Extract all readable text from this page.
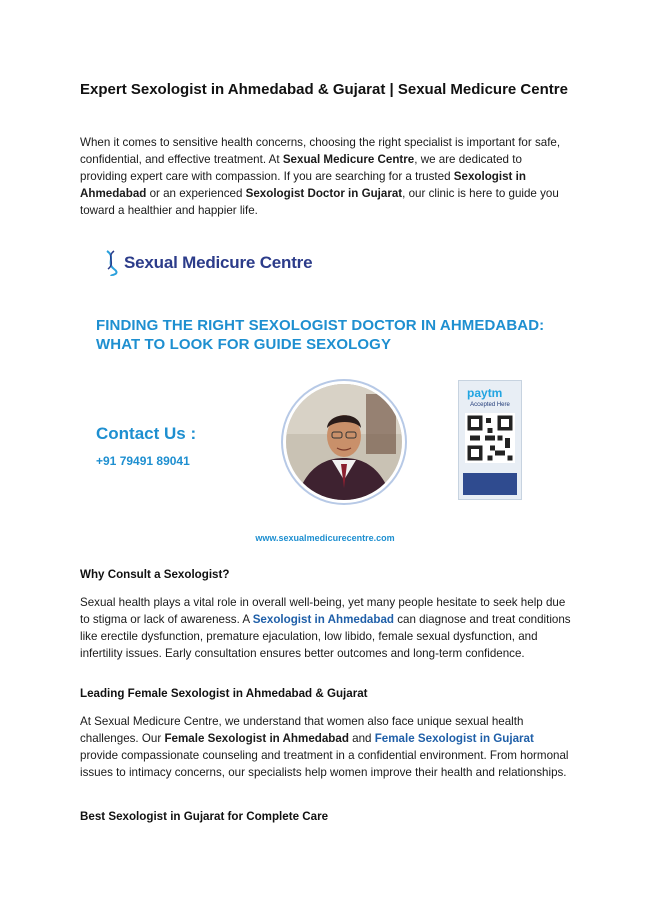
Expert Sexologist in Ahmedabad & Gujarat | Sexual Medicure Centre
When it comes to sensitive health concerns, choosing the right specialist is important for safe, confidential, and effective treatment. At Sexual Medicure Centre, we are dedicated to providing expert care with compassion. If you are searching for a trusted Sexologist in Ahmedabad or an experienced Sexologist Doctor in Gujarat, our clinic is here to guide you toward a healthier and happier life.
Sexual Medicure Centre
FINDING THE RIGHT SEXOLOGIST DOCTOR IN AHMEDABAD: WHAT TO LOOK FOR GUIDE SEXOLOGY
Contact Us :
+91 79491 89041
paytm
Accepted Here
www.sexualmedicurecentre.com
Why Consult a Sexologist?
Sexual health plays a vital role in overall well-being, yet many people hesitate to seek help due to stigma or lack of awareness. A Sexologist in Ahmedabad can diagnose and treat conditions like erectile dysfunction, premature ejaculation, low libido, female sexual dysfunction, and infertility issues. Early consultation ensures better outcomes and long-term confidence.
Leading Female Sexologist in Ahmedabad & Gujarat
At Sexual Medicure Centre, we understand that women also face unique sexual health challenges. Our Female Sexologist in Ahmedabad and Female Sexologist in Gujarat provide compassionate counseling and treatment in a confidential environment. From hormonal issues to intimacy concerns, our specialists help women improve their health and relationships.
Best Sexologist in Gujarat for Complete Care
